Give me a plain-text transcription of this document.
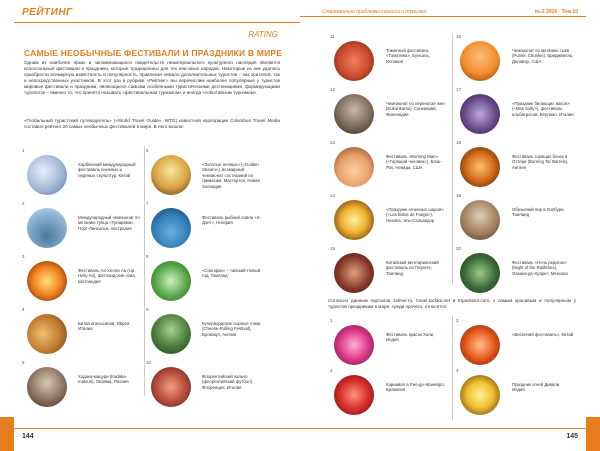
РЕЙТИНГ
RATING
САМЫЕ НЕОБЫЧНЫЕ ФЕСТИВАЛИ И ПРАЗДНИКИ В МИРЕ
Одним из наиболее ярких и запоминающихся свидетельств нематериального культурного наследия являются колоссальные фестивали и праздники, которые традиционны для тех или иных народов. Некоторые из них удалось приобрести всемирную известность и популярность, привлекая немало дополнительных туристов – как зрителей, так и непосредственных участников. В этот раз в рубрике «Рейтинг» мы перечислим наиболее популярные у туристов мировые фестивали и праздники, являющиеся самыми особенными туристическими дестинациями, формирующими туропоток – именно то, что принято называть «фестивальным туризмом» и иногда «событийным туризмом».
«Глобальный туристский путеводитель» («World Travel Guide», WTG) известной корпорации Columbus Travel Media составил рейтинг 20 самых необычных фестивалей в мире. В него вошли:
1
Харбинский международный фестиваль снежных и ледяных скульптур, Китай
2
Международный чемпионат по метанию тунца «Тунарама», Порт-Линкольн, Австралия
3
Фестиваль Ап Хелли Аа (Up Helly Aa), Шетландские осва, Шотландия
4
Битва апельсинов, Иврея, Италия
5
Ходака-мацури (Kadaka-matsuri), Окаяма, Япония
6
«Золотые ночные» («Golden Stream»), всемирный чемпионат состязаний по гримасам, Мастертон, Новая Зеландия
7
Фестиваль рыбной ловли «Х-Дэнт», Нигерия
8
«Сонгкран» – тайский Новый год, Таиланд
9
Купервордские сырные гонки (Cheese-Rolling Festival), Брокворт, Англия
10
Флорентийский кальчо (флорентийский футбол), Флоренция, Италия
144
Современные проблемы сервиса и туризма	№ 2 2016 · Том 10
11
Томатный фестиваль «Томатина», Буньоль, Испания
12
Чемпионат по переноске жен (Eukonkanto), Сонкаярви, Финляндия
13
Фестиваль «Burning Man» («Горящий человек»), Блэк-Рок, Невада, США
14
«Праздник огненных шаров» («Las Bolas de Fuego»), Нехапа, Эль-Сальвадор
15
Китайский вегетарианский фестиваль на Пхукете, Таиланд
16
Чемпионат по метанию тыкв (Punkin Chunkin), Бриджвилль, Делавэр, США
17
«Праздник бегающих масок» («Mas Sully»), фестиваль альбатросов, Бергамо, Италия
18
Фестиваль горящих бочек в Оттери (Burning Tar Barrels), Англия
19
Обезьяний пир в Лопбури, Таиланд
20
Фестиваль «Ночь редисок» (Night of the Radishes), Оахака-де-Хуарес, Мексика
Согласно данным порталов zelmer.ru, travel.tochka.net и tripadvisor.com, к самым красивым и популярным у туристов праздникам в мире, среди прочего, относятся:
1
Фестиваль красок Холи, Индия
2
Карнавал в Рио-де-Жанейро, Бразилия
3
«Весенний фестиваль», Китай
4
Праздник огней Дивали, Индия
145
